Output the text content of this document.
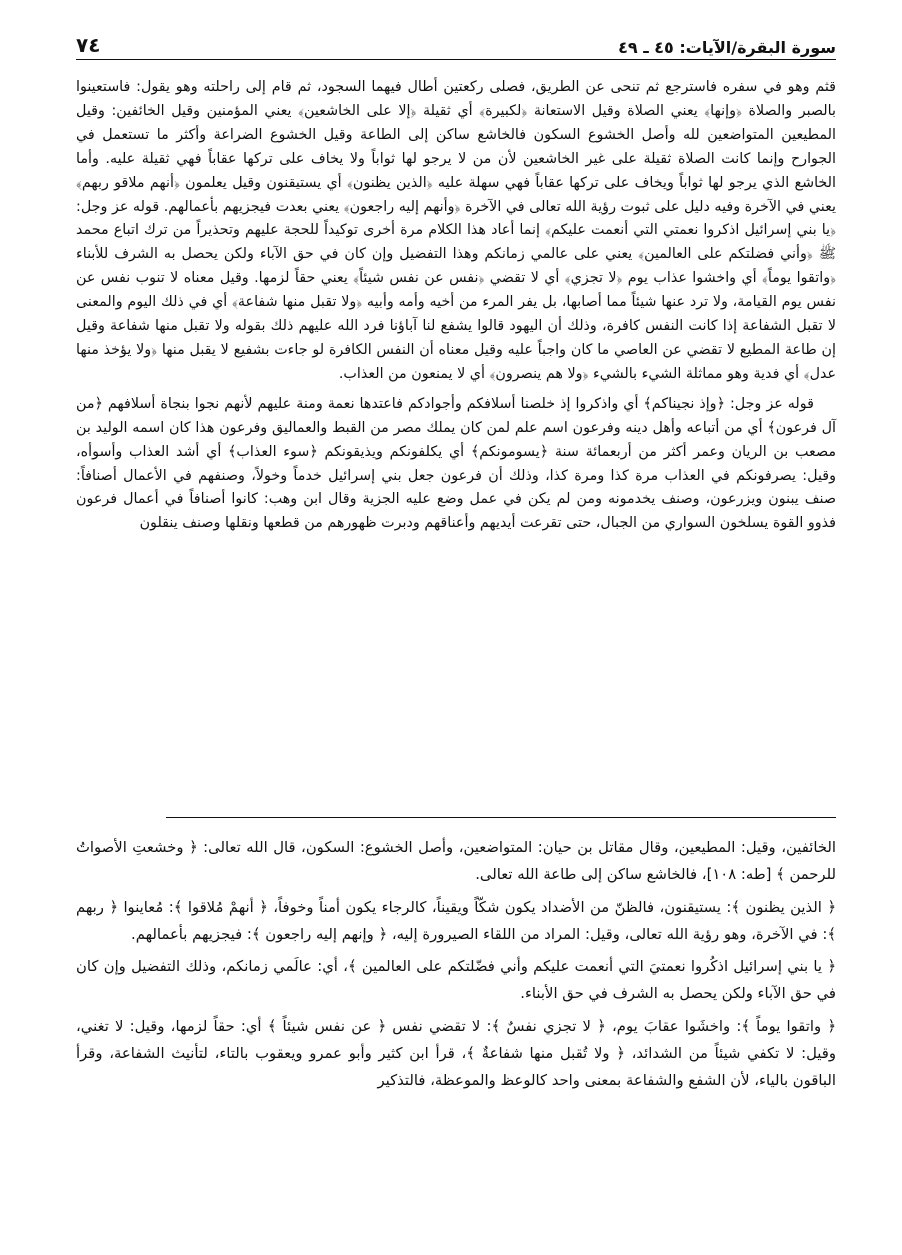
سورة البقرة/الآيات: ٤٥ ـ ٤٩
٧٤

قثم وهو في سفره فاسترجع ثم تنحى عن الطريق، فصلى ركعتين أطال فيهما السجود، ثم قام إلى راحلته وهو يقول: فاستعينوا بالصبر والصلاة ﴿وإنها﴾ يعني الصلاة وقيل الاستعانة ﴿لكبيرة﴾ أي ثقيلة ﴿إلا على الخاشعين﴾ يعني المؤمنين وقيل الخائفين: وقيل المطيعين المتواضعين لله وأصل الخشوع السكون فالخاشع ساكن إلى الطاعة وقيل الخشوع الضراعة وأكثر ما تستعمل في الجوارح وإنما كانت الصلاة ثقيلة على غير الخاشعين لأن من لا يرجو لها ثواباً ولا يخاف على تركها عقاباً فهي ثقيلة عليه. وأما الخاشع الذي يرجو لها ثواباً ويخاف على تركها عقاباً فهي سهلة عليه ﴿الذين يظنون﴾ أي يستيقنون وقيل يعلمون ﴿أنهم ملاقو ربهم﴾ يعني في الآخرة وفيه دليل على ثبوت رؤية الله تعالى في الآخرة ﴿وأنهم إليه راجعون﴾ يعني بعدت فيجزيهم بأعمالهم. قوله عز وجل: ﴿يا بني إسرائيل اذكروا نعمتي التي أنعمت عليكم﴾ إنما أعاد هذا الكلام مرة أخرى توكيداً للحجة عليهم وتحذيراً من ترك اتباع محمد ﷺ ﴿وأني فضلتكم على العالمين﴾ يعني على عالمي زمانكم وهذا التفضيل وإن كان في حق الآباء ولكن يحصل به الشرف للأبناء ﴿واتقوا يوماً﴾ أي واخشوا عذاب يوم ﴿لا تجزي﴾ أي لا تقضي ﴿نفس عن نفس شيئاً﴾ يعني حقاً لزمها. وقيل معناه لا تنوب نفس عن نفس يوم القيامة، ولا ترد عنها شيئاً مما أصابها، بل يفر المرء من أخيه وأمه وأبيه ﴿ولا تقبل منها شفاعة﴾ أي في ذلك اليوم والمعنى لا تقبل الشفاعة إذا كانت النفس كافرة، وذلك أن اليهود قالوا يشفع لنا آباؤنا فرد الله عليهم ذلك بقوله ولا تقبل منها شفاعة وقيل إن طاعة المطيع لا تقضي عن العاصي ما كان واجباً عليه وقيل معناه أن النفس الكافرة لو جاءت بشفيع لا يقبل منها ﴿ولا يؤخذ منها عدل﴾ أي فدية وهو مماثلة الشيء بالشيء ﴿ولا هم ينصرون﴾ أي لا يمنعون من العذاب.

قوله عز وجل: ﴿وإذ نجيناكم﴾ أي واذكروا إذ خلصنا أسلافكم وأجوادكم فاعتدها نعمة ومنة عليهم لأنهم نجوا بنجاة أسلافهم ﴿من آل فرعون﴾ أي من أتباعه وأهل دينه وفرعون اسم علم لمن كان يملك مصر من القبط والعماليق وفرعون هذا كان اسمه الوليد بن مصعب بن الريان وعمر أكثر من أربعمائة سنة ﴿يسومونكم﴾ أي يكلفونكم ويذيقونكم ﴿سوء العذاب﴾ أي أشد العذاب وأسوأه، وقيل: يصرفونكم في العذاب مرة كذا ومرة كذا، وذلك أن فرعون جعل بني إسرائيل خدماً وخولاً، وصنفهم في الأعمال أصنافاً: صنف يبنون ويزرعون، وصنف يخدمونه ومن لم يكن في عمل وضع عليه الجزية وقال ابن وهب: كانوا أصنافاً في أعمال فرعون فذوو القوة يسلخون السواري من الجبال، حتى تقرعت أيديهم وأعناقهم ودبرت ظهورهم من قطعها ونقلها وصنف ينقلون

الخائفين، وقيل: المطيعين، وقال مقاتل بن حيان: المتواضعين، وأصل الخشوع: السكون، قال الله تعالى: ﴿ وخشعتِ الأصواتُ للرحمن ﴾ [طه: ١٠٨]، فالخاشع ساكن إلى طاعة الله تعالى.

﴿ الذين يظنون ﴾: يستيقنون، فالظنّ من الأضداد يكون شكّاً ويقيناً، كالرجاء يكون أمناً وخوفاً، ﴿ أنهمْ مُلاقوا ﴾: مُعاينوا ﴿ ربهم ﴾: في الآخرة، وهو رؤية الله تعالى، وقيل: المراد من اللقاء الصيرورة إليه، ﴿ وإنهم إليه راجعون ﴾: فيجزيهم بأعمالهم.

﴿ يا بني إسرائيل اذكُروا نعمتيَ التي أنعمت عليكم وأني فضّلتكم على العالمين ﴾، أي: عالَمي زمانكم، وذلك التفضيل وإن كان في حق الآباء ولكن يحصل به الشرف في حق الأبناء.

﴿ واتقوا يوماً ﴾: واخشَوا عقابَ يوم، ﴿ لا تجزي نفسٌ ﴾: لا تقضي نفس ﴿ عن نفس شيئاً ﴾ أي: حقاً لزمها، وقيل: لا تغني، وقيل: لا تكفي شيئاً من الشدائد، ﴿ ولا تُقبل منها شفاعةٌ ﴾، قرأ ابن كثير وأبو عمرو ويعقوب بالتاء، لتأنيث الشفاعة، وقرأ الباقون بالياء، لأن الشفع والشفاعة بمعنى واحد كالوعظ والموعظة، فالتذكير
